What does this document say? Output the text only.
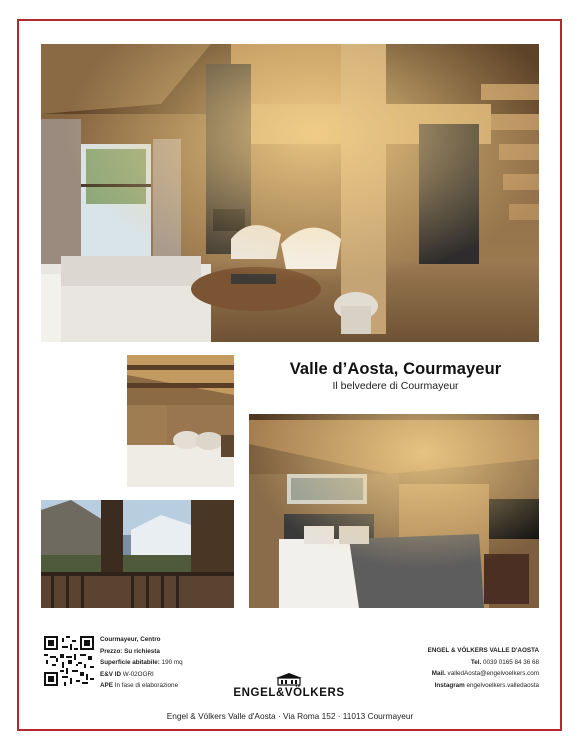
Valle d’Aosta, Courmayeur
Il belvedere di Courmayeur
Courmayeur, Centro
Prezzo: Su richiesta
Superficie abitabile: 190 mq
E&V ID W-02OGRI
APE In fase di elaborazione
ENGEL & VÖLKERS VALLE D'AOSTA
Tel. 0039 0165 84 36 68
Mail. valledAosta@engelvoelkers.com
Instagram engelvoelkers.valledaosta
ENGEL&VÖLKERS
Engel & Völkers Valle d'Aosta · Via Roma 152 · 11013 Courmayeur
